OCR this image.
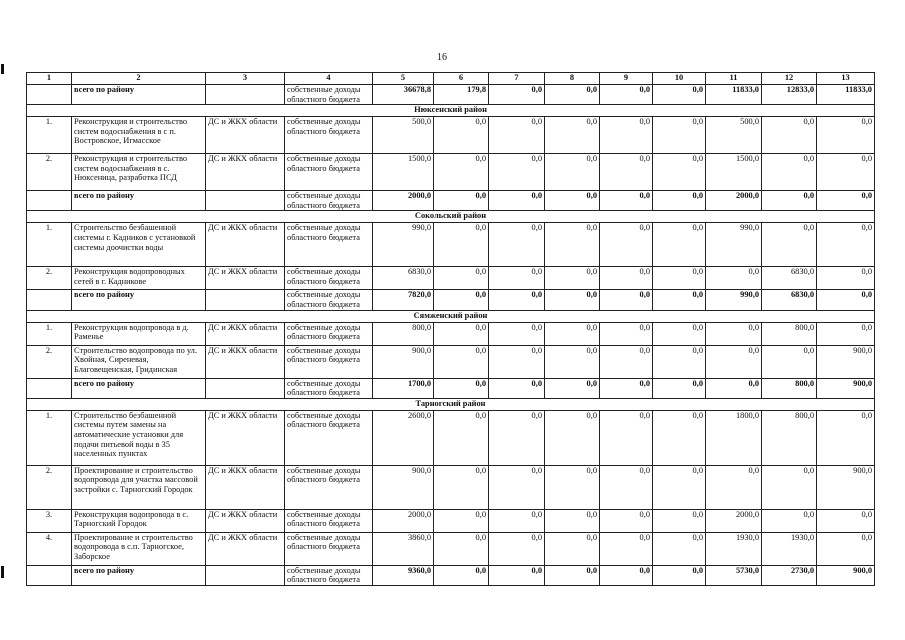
16
1	2	3	4	5	6	7	8	9	10	11	12	13
	всего по району		собственные доходы областного бюджета	36678,8	179,8	0,0	0,0	0,0	0,0	11833,0	12833,0	11833,0
Нюксенский район												
1.	Реконструкция и строительство систем водоснабжения в с п. Востровское, Игмасское	ДС и ЖКХ области	собственные доходы областного бюджета	500,0	0,0	0,0	0,0	0,0	0,0	500,0	0,0	0,0
2.	Реконструкция и строительство систем водоснабжения в с. Нюксеница, разработка ПСД	ДС и ЖКХ области	собственные доходы областного бюджета	1500,0	0,0	0,0	0,0	0,0	0,0	1500,0	0,0	0,0
	всего по району		собственные доходы областного бюджета	2000,0	0,0	0,0	0,0	0,0	0,0	2000,0	0,0	0,0
Сокольский район												
1.	Строительство безбашенной системы г. Кадников с установкой системы доочистки воды	ДС и ЖКХ области	собственные доходы областного бюджета	990,0	0,0	0,0	0,0	0,0	0,0	990,0	0,0	0,0
2.	Реконструкция водопроводных сетей в г. Кадникове	ДС и ЖКХ области	собственные доходы областного бюджета	6830,0	0,0	0,0	0,0	0,0	0,0	0,0	6830,0	0,0
	всего по району		собственные доходы областного бюджета	7820,0	0,0	0,0	0,0	0,0	0,0	990,0	6830,0	0,0
Сямженский район												
1.	Реконструкция водопровода в д. Раменье	ДС и ЖКХ области	собственные доходы областного бюджета	800,0	0,0	0,0	0,0	0,0	0,0	0,0	800,0	0,0
2.	Строительство водопровода по ул. Хвойная, Сиреневая, Благовещенская, Гридинская	ДС и ЖКХ области	собственные доходы областного бюджета	900,0	0,0	0,0	0,0	0,0	0,0	0,0	0,0	900,0
	всего по району		собственные доходы областного бюджета	1700,0	0,0	0,0	0,0	0,0	0,0	0,0	800,0	900,0
Тарногский район												
1.	Строительство безбашенной системы путем замены на автоматические установки для подачи питьевой воды в 35 населенных пунктах	ДС и ЖКХ области	собственные доходы областного бюджета	2600,0	0,0	0,0	0,0	0,0	0,0	1800,0	800,0	0,0
2.	Проектирование и строительство водопровода для участка массовой застройки с. Тарногский Городок	ДС и ЖКХ области	собственные доходы областного бюджета	900,0	0,0	0,0	0,0	0,0	0,0	0,0	0,0	900,0
3.	Реконструкция водопровода в с. Тарногский Городок	ДС и ЖКХ области	собственные доходы областного бюджета	2000,0	0,0	0,0	0,0	0,0	0,0	2000,0	0,0	0,0
4.	Проектирование и строительство водопровода в с.п. Тарногское, Заборское	ДС и ЖКХ области	собственные доходы областного бюджета	3860,0	0,0	0,0	0,0	0,0	0,0	1930,0	1930,0	0,0
	всего по району		собственные доходы областного бюджета	9360,0	0,0	0,0	0,0	0,0	0,0	5730,0	2730,0	900,0
